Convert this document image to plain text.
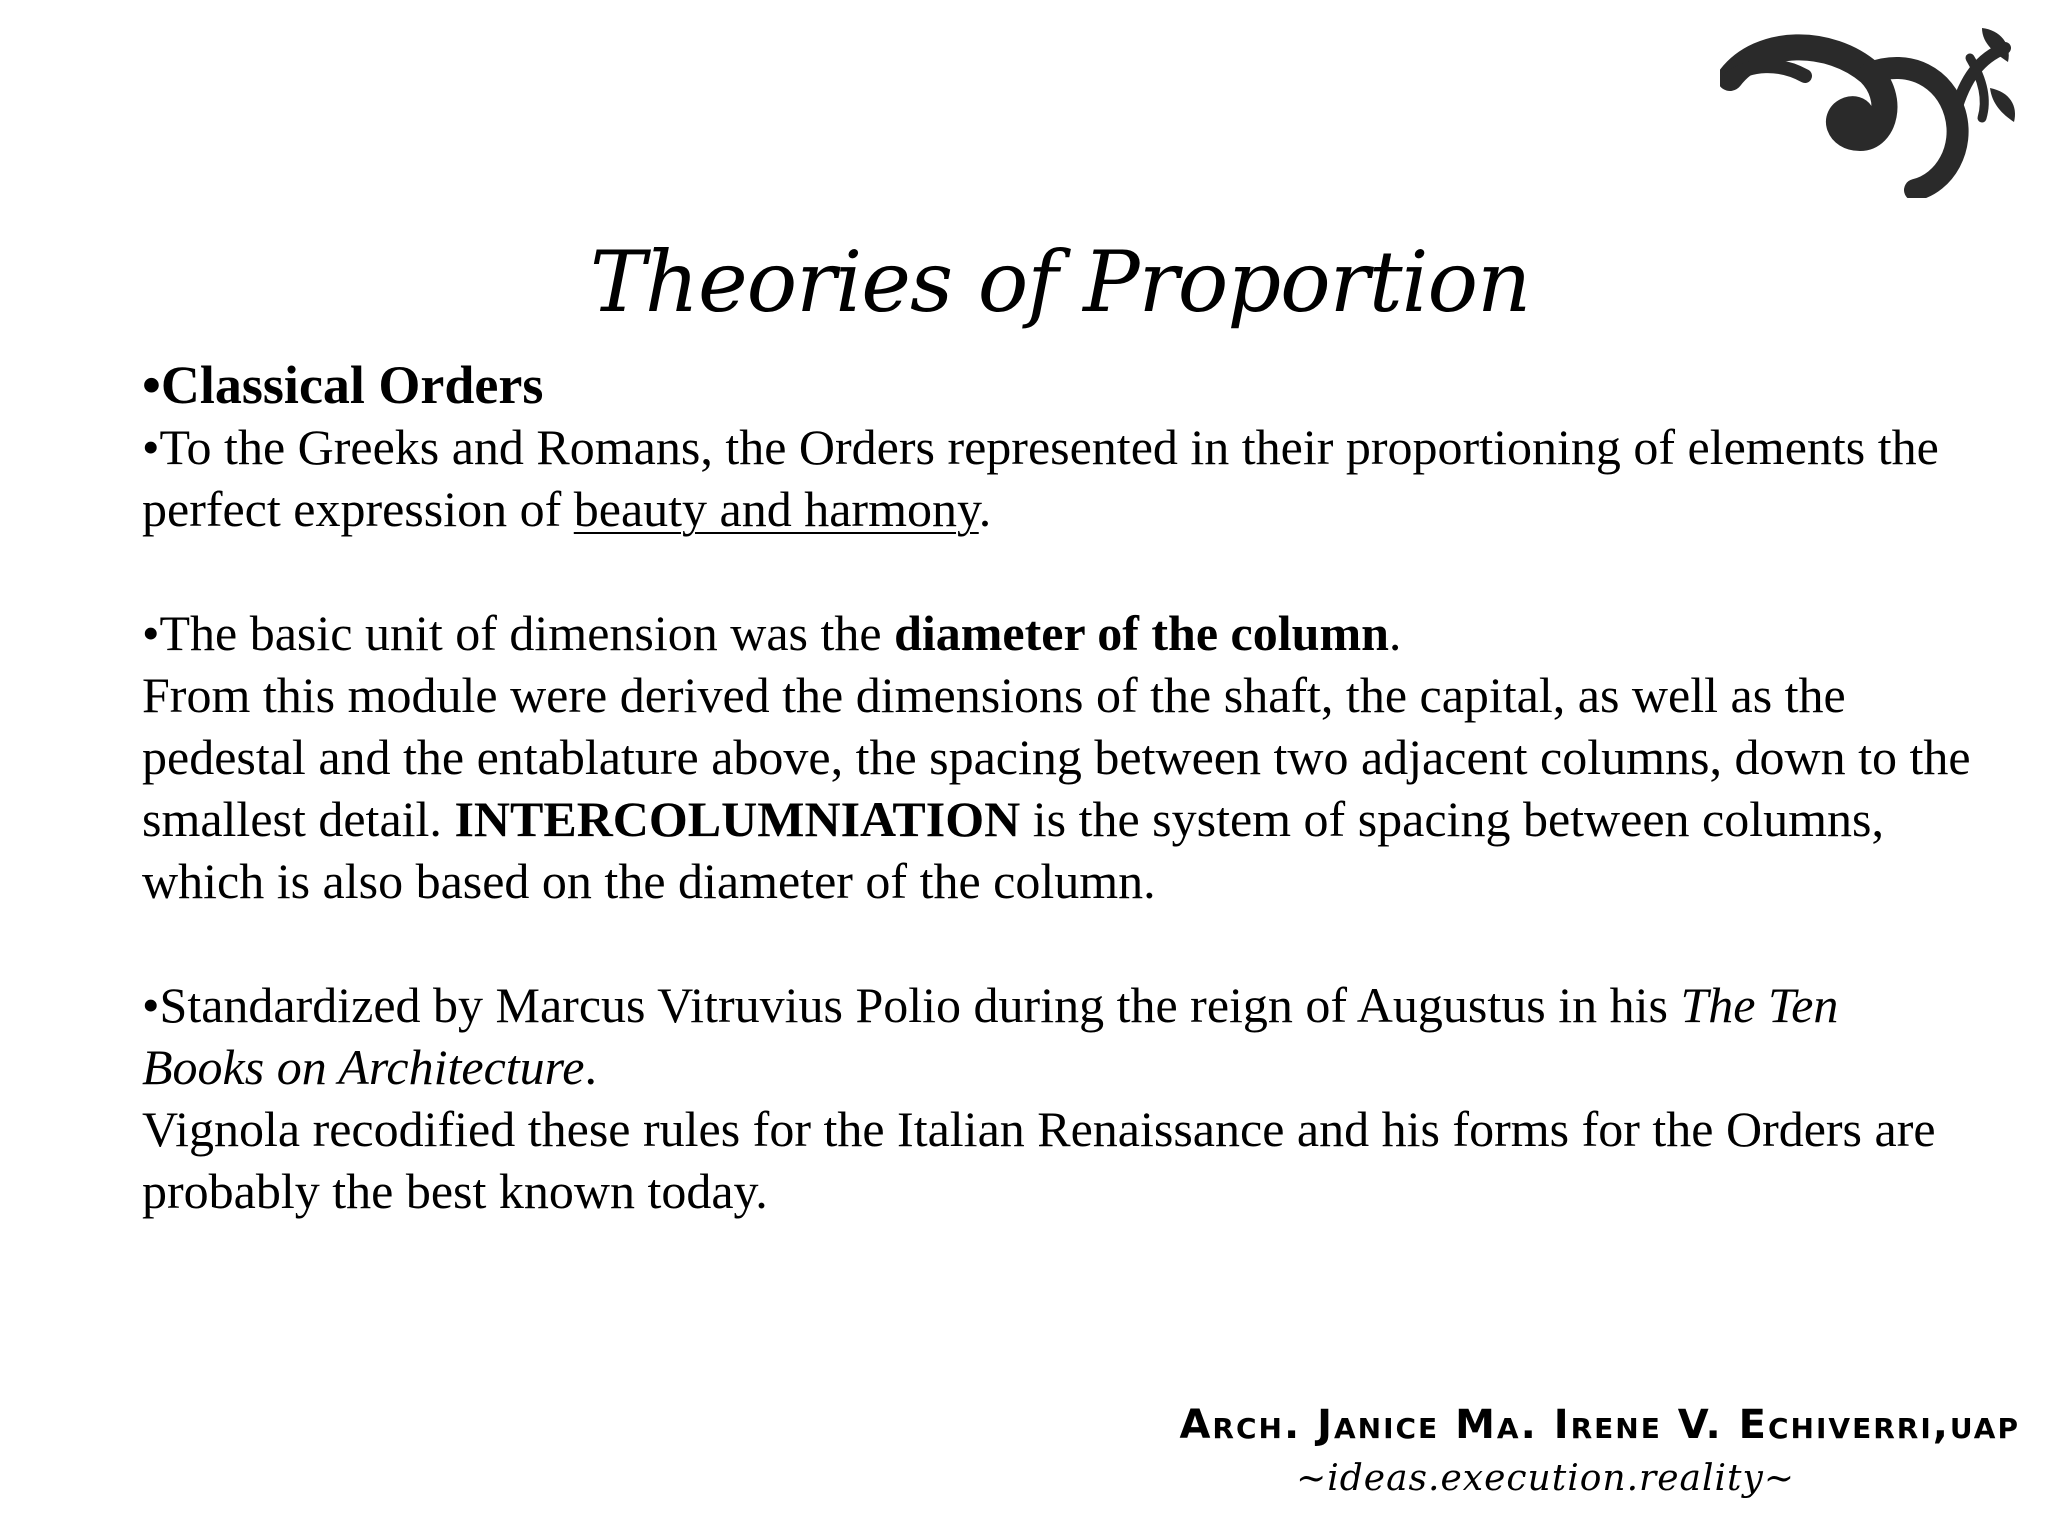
Theories of Proportion

•Classical Orders

•To the Greeks and Romans, the Orders represented in their proportioning of elements the perfect expression of beauty and harmony.

•The basic unit of dimension was the diameter of the column.

From this module were derived the dimensions of the shaft, the capital, as well as the pedestal and the entablature above, the spacing between two adjacent columns, down to the smallest detail. INTERCOLUMNIATION is the system of spacing between columns, which is also based on the diameter of the column.

•Standardized by Marcus Vitruvius Polio during the reign of Augustus in his The Ten Books on Architecture.

Vignola recodified these rules for the Italian Renaissance and his forms for the Orders are probably the best known today.

Arch. Janice Ma. Irene V. Echiverri,uap
~ideas.execution.reality~
